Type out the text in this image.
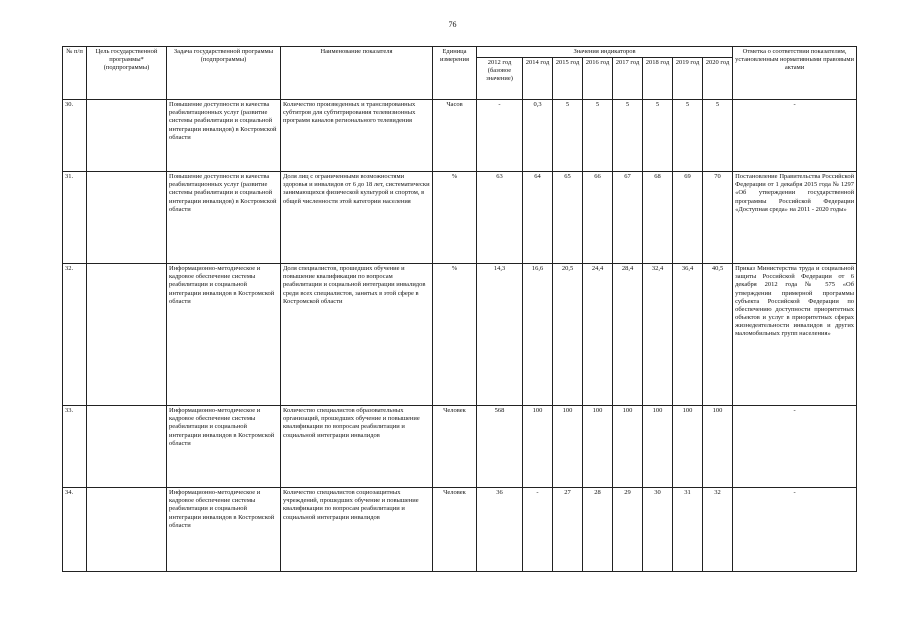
76
№ п/п	Цель государственной программы* (подпрограммы)	Задача государственной программы (подпрограммы)	Наименование показателя	Единица измерения	Значения индикаторов								Отметка о соответствии показателям, установленным нормативными правовыми актами
					2012 год (базовое значение)	2014 год	2015 год	2016 год	2017 год	2018 год	2019 год	2020 год	
30.		Повышение доступности и качества реабилитационных услуг (развитие системы реабилитации и социальной интеграции инвалидов) в Костромской области	Количество произведенных и транслированных субтитров для субтитрирования телевизионных программ каналов регионального телевидения	Часов	-	0,3	5	5	5	5	5	5	-
31.		Повышение доступности и качества реабилитационных услуг (развитие системы реабилитации и социальной интеграции инвалидов) в Костромской области	Доля лиц с ограниченными возможностями здоровья и инвалидов от 6 до 18 лет, систематически занимающихся физической культурой и спортом, в общей численности этой категории населения	%	63	64	65	66	67	68	69	70	Постановление Правительства Российской Федерации от 1 декабря 2015 года № 1297 «Об утверждении государственной программы Российской Федерации «Доступная среда» на 2011 - 2020 годы»
32.		Информационно-методическое и кадровое обеспечение системы реабилитации и социальной интеграции инвалидов в Костромской области	Доля специалистов, прошедших обучение и повышение квалификации по вопросам реабилитации и социальной интеграции инвалидов среди всех специалистов, занятых в этой сфере в Костромской области	%	14,3	16,6	20,5	24,4	28,4	32,4	36,4	40,5	Приказ Министерства труда и социальной защиты Российской Федерации от 6 декабря 2012 года № 575 «Об утверждении примерной программы субъекта Российской Федерации по обеспечению доступности приоритетных объектов и услуг в приоритетных сферах жизнедеятельности инвалидов и других маломобильных групп населения»
33.		Информационно-методическое и кадровое обеспечение системы реабилитации и социальной интеграции инвалидов в Костромской области	Количество специалистов образовательных организаций, прошедших обучение и повышение квалификации по вопросам реабилитации и социальной интеграции инвалидов	Человек	568	100	100	100	100	100	100	100	-
34.		Информационно-методическое и кадровое обеспечение системы реабилитации и социальной интеграции инвалидов в Костромской области	Количество специалистов социозащитных учреждений, прошедших обучение и повышение квалификации по вопросам реабилитации и социальной интеграции инвалидов	Человек	36	-	27	28	29	30	31	32	-
